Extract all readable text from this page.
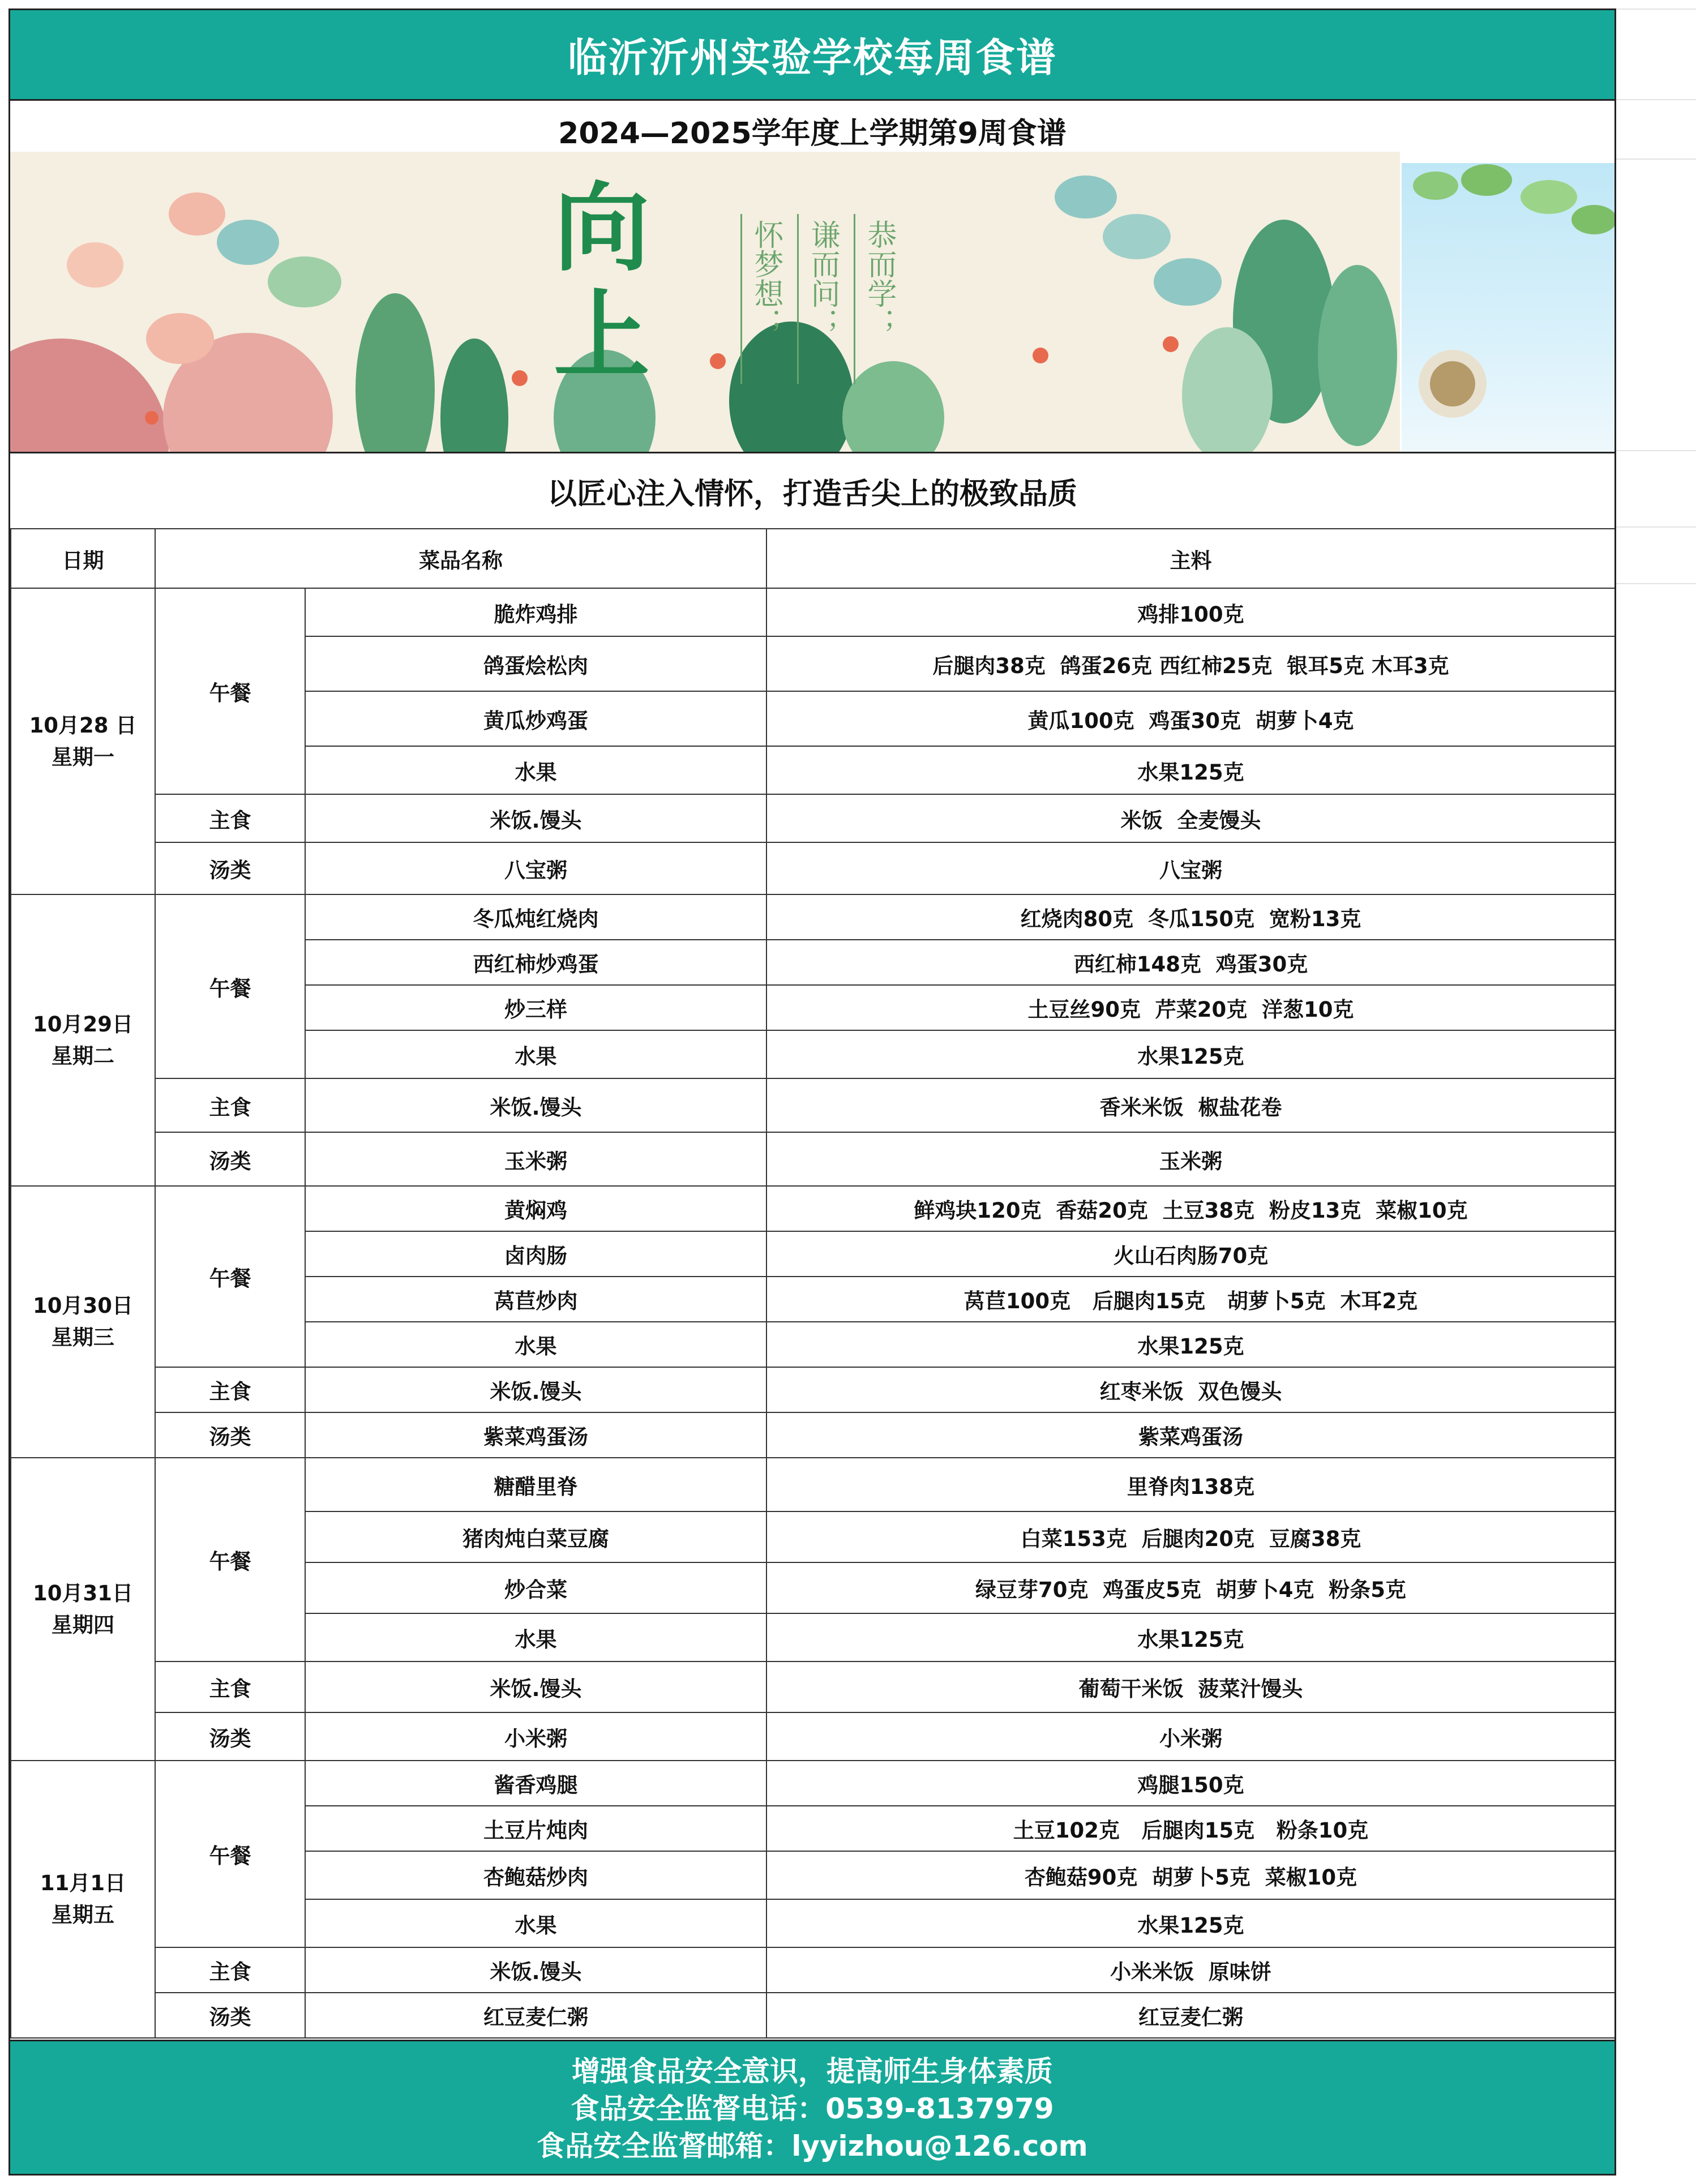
临沂沂州实验学校每周食谱
2024—2025学年度上学期第9周食谱
向
上	恭而学；
谦而问；
怀梦想；
以匠心注入情怀，打造舌尖上的极致品质
日期	菜品名称		主料

10月28 日
星期一	午餐	脆炸鸡排	鸡排100克
		鸽蛋烩松肉	后腿肉38克  鸽蛋26克 西红柿25克  银耳5克 木耳3克
		黄瓜炒鸡蛋	黄瓜100克  鸡蛋30克  胡萝卜4克
		水果	水果125克
	主食	米饭.馒头	米饭  全麦馒头
	汤类	八宝粥	八宝粥

10月29日
星期二	午餐	冬瓜炖红烧肉	红烧肉80克  冬瓜150克  宽粉13克
		西红柿炒鸡蛋	西红柿148克  鸡蛋30克
		炒三样	土豆丝90克  芹菜20克  洋葱10克
		水果	水果125克
	主食	米饭.馒头	香米米饭  椒盐花卷
	汤类	玉米粥	玉米粥

10月30日
星期三	午餐	黄焖鸡	鲜鸡块120克  香菇20克  土豆38克  粉皮13克  菜椒10克
		卤肉肠	火山石肉肠70克
		莴苣炒肉	莴苣100克   后腿肉15克   胡萝卜5克  木耳2克
		水果	水果125克
	主食	米饭.馒头	红枣米饭  双色馒头
	汤类	紫菜鸡蛋汤	紫菜鸡蛋汤

10月31日
星期四	午餐	糖醋里脊	里脊肉138克
		猪肉炖白菜豆腐	白菜153克  后腿肉20克  豆腐38克
		炒合菜	绿豆芽70克  鸡蛋皮5克  胡萝卜4克  粉条5克
		水果	水果125克
	主食	米饭.馒头	葡萄干米饭  菠菜汁馒头
	汤类	小米粥	小米粥

11月1日
星期五	午餐	酱香鸡腿	鸡腿150克
		土豆片炖肉	土豆102克   后腿肉15克   粉条10克
		杏鲍菇炒肉	杏鲍菇90克  胡萝卜5克  菜椒10克
		水果	水果125克
	主食	米饭.馒头	小米米饭  原味饼
	汤类	红豆麦仁粥	红豆麦仁粥
增强食品安全意识，提高师生身体素质
食品安全监督电话：0539-8137979
食品安全监督邮箱：lyyizhou@126.com
